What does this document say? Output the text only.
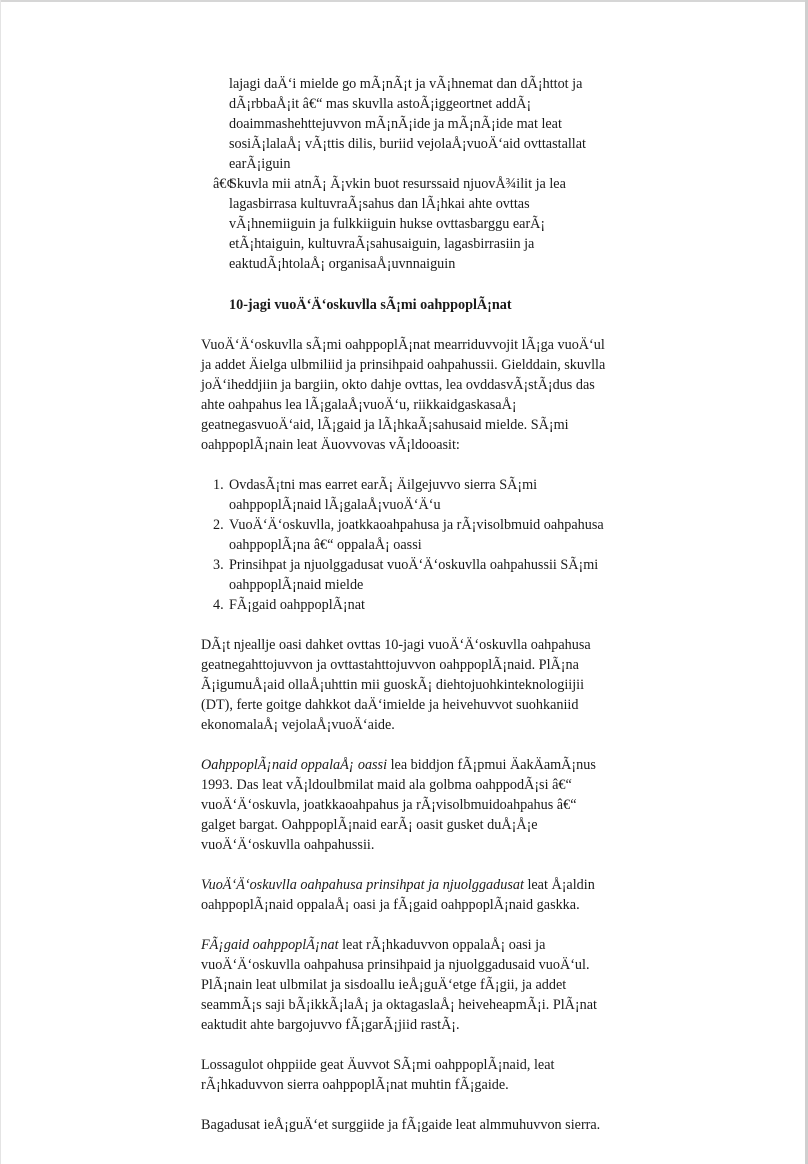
lajagi daÄ‘i mielde go mÃ¡nÃ¡t ja vÃ¡hnemat dan dÃ¡httot ja dÃ¡rbbaÅ¡it â€“ mas skuvlla astoÃ¡iggeortnet addÃ¡ doaimmashehttejuvvon mÃ¡nÃ¡ide ja mÃ¡nÃ¡ide mat leat sosiÃ¡lalaÅ¡ vÃ¡ttis dilis, buriid vejolaÅ¡vuoÄ‘aid ovttastallat earÃ¡iguin
â€¢
Skuvla mii atnÃ¡ Ã¡vkin buot resurssaid njuovÅ¾ilit ja lea lagasbirrasa kultuvraÃ¡sahus dan lÃ¡hkai ahte ovttas vÃ¡hnemiiguin ja fulkkiiguin hukse ovttasbarggu earÃ¡ etÃ¡htaiguin, kultuvraÃ¡sahusaiguin, lagasbirrasiin ja eaktudÃ¡htolaÅ¡ organisaÅ¡uvnnaiguin
10-jagi vuoÄ‘Ä‘oskuvlla sÃ¡mi oahppoplÃ¡nat

VuoÄ‘Ä‘oskuvlla sÃ¡mi oahppoplÃ¡nat mearriduvvojit lÃ¡ga vuoÄ‘ul ja addet Äielga ulbmiliid ja prinsihpaid oahpahussii. Gielddain, skuvlla joÄ‘iheddjiin ja bargiin, okto dahje ovttas, lea ovddasvÃ¡stÃ¡dus das ahte oahpahus lea lÃ¡galaÅ¡vuoÄ‘u, riikkaidgaskasaÅ¡ geatnegasvuoÄ‘aid, lÃ¡gaid ja lÃ¡hkaÃ¡sahusaid mielde. SÃ¡mi oahppoplÃ¡nain leat Äuovvovas vÃ¡ldooasit:

1. OvdasÃ¡tni mas earret earÃ¡ Äilgejuvvo sierra SÃ¡mi oahppoplÃ¡naid lÃ¡galaÅ¡vuoÄ‘Ä‘u
2. VuoÄ‘Ä‘oskuvlla, joatkkaoahpahusa ja rÃ¡visolbmuid oahpahusa oahppoplÃ¡na â€“ oppalaÅ¡ oassi
3. Prinsihpat ja njuolggadusat vuoÄ‘Ä‘oskuvlla oahpahussii SÃ¡mi oahppoplÃ¡naid mielde
4. FÃ¡gaid oahppoplÃ¡nat

DÃ¡t njeallje oasi dahket ovttas 10-jagi vuoÄ‘Ä‘oskuvlla oahpahusa geatnegahttojuvvon ja ovttastahttojuvvon oahppoplÃ¡naid. PlÃ¡na Ã¡igumuÅ¡aid ollaÅ¡uhttin mii guoskÃ¡ diehtojuohkinteknologiijii (DT), ferte goitge dahkkot daÄ‘imielde ja heivehuvvot suohkaniid ekonomalaÅ¡ vejolaÅ¡vuoÄ‘aide.

OahppoplÃ¡naid oppalaÅ¡ oassi lea biddjon fÃ¡pmui ÄakÄamÃ¡nus 1993. Das leat vÃ¡ldoulbmilat maid ala golbma oahppodÃ¡si â€“ vuoÄ‘Ä‘oskuvla, joatkkaoahpahus ja rÃ¡visolbmuidoahpahus â€“ galget bargat. OahppoplÃ¡naid earÃ¡ oasit gusket duÅ¡Å¡e vuoÄ‘Ä‘oskuvlla oahpahussii.

VuoÄ‘Ä‘oskuvlla oahpahusa prinsihpat ja njuolggadusat leat Å¡aldin oahppoplÃ¡naid oppalaÅ¡ oasi ja fÃ¡gaid oahppoplÃ¡naid gaskka.

FÃ¡gaid oahppoplÃ¡nat leat rÃ¡hkaduvvon oppalaÅ¡ oasi ja vuoÄ‘Ä‘oskuvlla oahpahusa prinsihpaid ja njuolggadusaid vuoÄ‘ul. PlÃ¡nain leat ulbmilat ja sisdoallu ieÅ¡guÄ‘etge fÃ¡gii, ja addet seammÃ¡s saji bÃ¡ikkÃ¡laÅ¡ ja oktagaslaÅ¡ heiveheapmÃ¡i. PlÃ¡nat eaktudit ahte bargojuvvo fÃ¡garÃ¡jiid rastÃ¡.

Lossagulot ohppiide geat Äuvvot SÃ¡mi oahppoplÃ¡naid, leat rÃ¡hkaduvvon sierra oahppoplÃ¡nat muhtin fÃ¡gaide.

Bagadusat ieÅ¡guÄ‘et surggiide ja fÃ¡gaide leat almmuhuvvon sierra.
